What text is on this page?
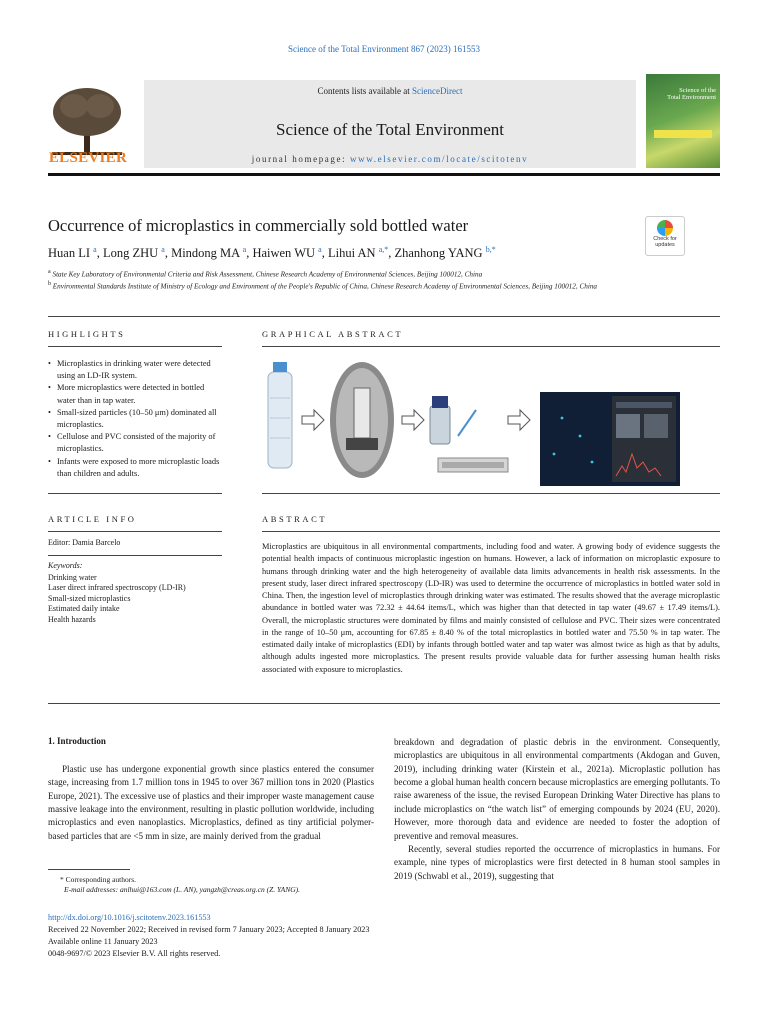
Science of the Total Environment 867 (2023) 161553
ELSEVIER
Contents lists available at ScienceDirect
Science of the Total Environment
journal homepage: www.elsevier.com/locate/scitotenv
Science of the
Total Environment
Occurrence of microplastics in commercially sold bottled water
Check for updates
Huan LI $^a$, Long ZHU $^a$, Mindong MA $^a$, Haiwen WU $^a$, Lihui AN $^{a,*}$, Zhanhong YANG $^{b,*}$
$^a$ State Key Laboratory of Environmental Criteria and Risk Assessment, Chinese Research Academy of Environmental Sciences, Beijing 100012, China
$^b$ Environmental Standards Institute of Ministry of Ecology and Environment of the People's Republic of China, Chinese Research Academy of Environmental Sciences, Beijing 100012, China
HIGHLIGHTS
• Microplastics in drinking water were detected using an LD-IR system.
• More microplastics were detected in bottled water than in tap water.
• Small-sized particles (10–50 μm) dominated all microplastics.
• Cellulose and PVC consisted of the majority of microplastics.
• Infants were exposed to more microplastic loads than children and adults.
GRAPHICAL ABSTRACT
ARTICLE INFO
Editor: Damia Barcelo
Keywords:
Drinking water
Laser direct infrared spectroscopy (LD-IR)
Small-sized microplastics
Estimated daily intake
Health hazards
ABSTRACT
Microplastics are ubiquitous in all environmental compartments, including food and water. A growing body of evidence suggests the potential health impacts of continuous microplastic ingestion on humans. However, a lack of information on microplastic exposure to humans through drinking water and the high heterogeneity of available data limits advancements in health risk assessments. In the present study, laser direct infrared spectroscopy (LD-IR) was used to determine the occurrence of microplastics in bottled water sold in China. Then, the ingestion level of microplastics through drinking water was estimated. The results showed that the average microplastic abundance in bottled water was 72.32 ± 44.64 items/L, which was higher than that detected in tap water (49.67 ± 17.49 items/L). Overall, the microplastic structures were dominated by films and mainly consisted of cellulose and PVC. Their sizes were concentrated in the range of 10–50 μm, accounting for 67.85 ± 8.40 % of the total microplastics in bottled water and 75.50 % in tap water. The estimated daily intake of microplastics (EDI) by infants through bottled water and tap water was almost twice as high as that by adults, although adults ingested more microplastics. The present results provide valuable data for further assessing human health risks associated with exposure to microplastics.
1. Introduction

Plastic use has undergone exponential growth since plastics entered the consumer stage, increasing from 1.7 million tons in 1945 to over 367 million tons in 2020 (Plastics Europe, 2021). The excessive use of plastics and their improper waste management cause massive leakage into the environment, resulting in plastic pollution worldwide, including microplastics and even nanoplastics. Microplastics, defined as tiny artificial polymer-based particles that are <5 mm in size, are mainly derived from the gradual

breakdown and degradation of plastic debris in the environment. Consequently, microplastics are ubiquitous in all environmental compartments (Akdogan and Guven, 2019), including drinking water (Kirstein et al., 2021a). Microplastic pollution has become a global human health concern because microplastics are emerging pollutants. To raise awareness of the issue, the revised European Drinking Water Directive has plans to include microplastics on “the watch list” of emerging compounds by 2024 (EU, 2020). However, more thorough data and evidence are needed to foster the adoption of preventive and removal measures.

Recently, several studies reported the occurrence of microplastics in humans. For example, nine types of microplastics were first detected in 8 human stool samples in 2019 (Schwabl et al., 2019), suggesting that

* Corresponding authors.
E-mail addresses: anlhui@163.com (L. AN), yangzh@creas.org.cn (Z. YANG).
http://dx.doi.org/10.1016/j.scitotenv.2023.161553
Received 22 November 2022; Received in revised form 7 January 2023; Accepted 8 January 2023
Available online 11 January 2023
0048-9697/© 2023 Elsevier B.V. All rights reserved.
